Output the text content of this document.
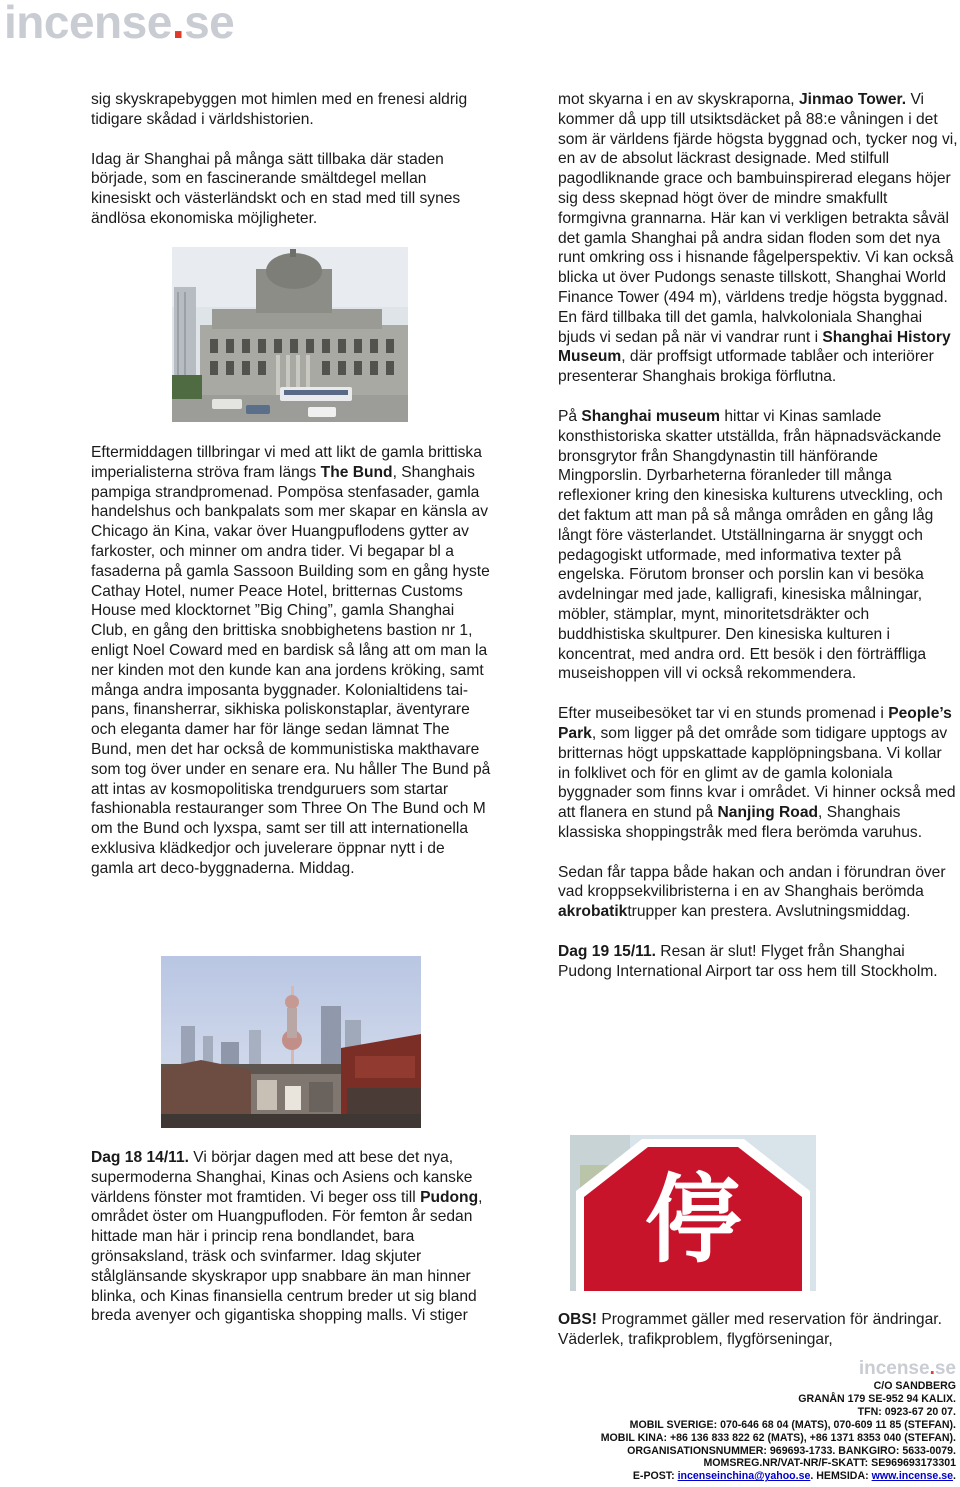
incense.se

sig skyskrapebyggen mot himlen med en frenesi aldrig tidigare skådad i världshistorien.

Idag är Shanghai på många sätt tillbaka där staden började, som en fascinerande smältdegel mellan kinesiskt och västerländskt och en stad med till synes ändlösa ekonomiska möjligheter.

Eftermiddagen tillbringar vi med att likt de gamla brittiska imperialisterna ströva fram längs The Bund, Shanghais pampiga strandpromenad. Pompösa stenfasader, gamla handelshus och bankpalats som mer skapar en känsla av Chicago än Kina, vakar över Huangpuflodens gytter av farkoster, och minner om andra tider. Vi begapar bl a fasaderna på gamla Sassoon Building som en gång hyste Cathay Hotel, numer Peace Hotel, britternas Customs House med klocktornet ”Big Ching”, gamla Shanghai Club, en gång den brittiska snobbighetens bastion nr 1, enligt Noel Coward med en bardisk så lång att om man la ner kinden mot den kunde kan ana jordens kröking, samt många andra imposanta byggnader. Kolonialtidens tai-pans, finansherrar, sikhiska poliskonstaplar, äventyrare och eleganta damer har för länge sedan lämnat The Bund, men det har också de kommunistiska makthavare som tog över under en senare era. Nu håller The Bund på att intas av kosmopolitiska trendguruers som startar fashionabla restauranger som Three On The Bund och M om the Bund och lyxspa, samt ser till att internationella exklusiva klädkedjor och juvelerare öppnar nytt i de gamla art deco-byggnaderna. Middag.

Dag 18 14/11. Vi börjar dagen med att bese det nya, supermoderna Shanghai, Kinas och Asiens och kanske världens fönster mot framtiden. Vi beger oss till Pudong, området öster om Huangpufloden. För femton år sedan hittade man här i princip rena bondlandet, bara grönsaksland, träsk och svinfarmer. Idag skjuter stålglänsande skyskrapor upp snabbare än man hinner blinka, och Kinas finansiella centrum breder ut sig bland breda avenyer och gigantiska shopping malls. Vi stiger

mot skyarna i en av skyskraporna, Jinmao Tower. Vi kommer då upp till utsiktsdäcket på 88:e våningen i det som är världens fjärde högsta byggnad och, tycker nog vi, en av de absolut läckrast designade. Med stilfull pagodliknande grace och bambuinspirerad elegans höjer sig dess skepnad högt över de mindre smakfullt formgivna grannarna. Här kan vi verkligen betrakta såväl det gamla Shanghai på andra sidan floden som det nya runt omkring oss i hisnande fågelperspektiv. Vi kan också blicka ut över Pudongs senaste tillskott, Shanghai World Finance Tower (494 m), världens tredje högsta byggnad. En färd tillbaka till det gamla, halvkoloniala Shanghai bjuds vi sedan på när vi vandrar runt i Shanghai History Museum, där proffsigt utformade tablåer och interiörer presenterar Shanghais brokiga förflutna.

På Shanghai museum hittar vi Kinas samlade konsthistoriska skatter utställda, från häpnadsväckande bronsgrytor från Shangdynastin till hänförande Mingporslin. Dyrbarheterna föranleder till många reflexioner kring den kinesiska kulturens utveckling, och det faktum att man på så många områden en gång låg långt före västerlandet. Utställningarna är snyggt och pedagogiskt utformade, med informativa texter på engelska. Förutom bronser och porslin kan vi besöka avdelningar med jade, kalligrafi, kinesiska målningar, möbler, stämplar, mynt, minoritetsdräkter och buddhistiska skultpurer. Den kinesiska kulturen i koncentrat, med andra ord. Ett besök i den förträffliga museishoppen vill vi också rekommendera.

Efter museibesöket tar vi en stunds promenad i People’s Park, som ligger på det område som tidigare upptogs av britternas högt uppskattade kapplöpningsbana. Vi kollar in folklivet och för en glimt av de gamla koloniala byggnader som finns kvar i området. Vi hinner också med att flanera en stund på Nanjing Road, Shanghais klassiska shoppingstråk med flera berömda varuhus.

Sedan får tappa både hakan och andan i förundran över vad kroppsekvilibristerna i en av Shanghais berömda akrobatiktrupper kan prestera. Avslutningsmiddag.

Dag 19 15/11. Resan är slut! Flyget från Shanghai Pudong International Airport tar oss hem till Stockholm.

停

OBS! Programmet gäller med reservation för ändringar. Väderlek, trafikproblem, flygförseningar,

incense.se
C/O SANDBERG
GRANÅN 179 SE-952 94 KALIX.
TFN: 0923-67 20 07.
MOBIL SVERIGE: 070-646 68 04 (MATS), 070-609 11 85 (STEFAN).
MOBIL KINA: +86 136 833 822 62 (MATS), +86 1371 8353 040 (STEFAN).
ORGANISATIONSNUMMER: 969693-1733. BANKGIRO: 5633-0079.
MOMSREG.NR/VAT-NR/F-SKATT: SE969693173301
E-POST: incenseinchina@yahoo.se. HEMSIDA: www.incense.se.
